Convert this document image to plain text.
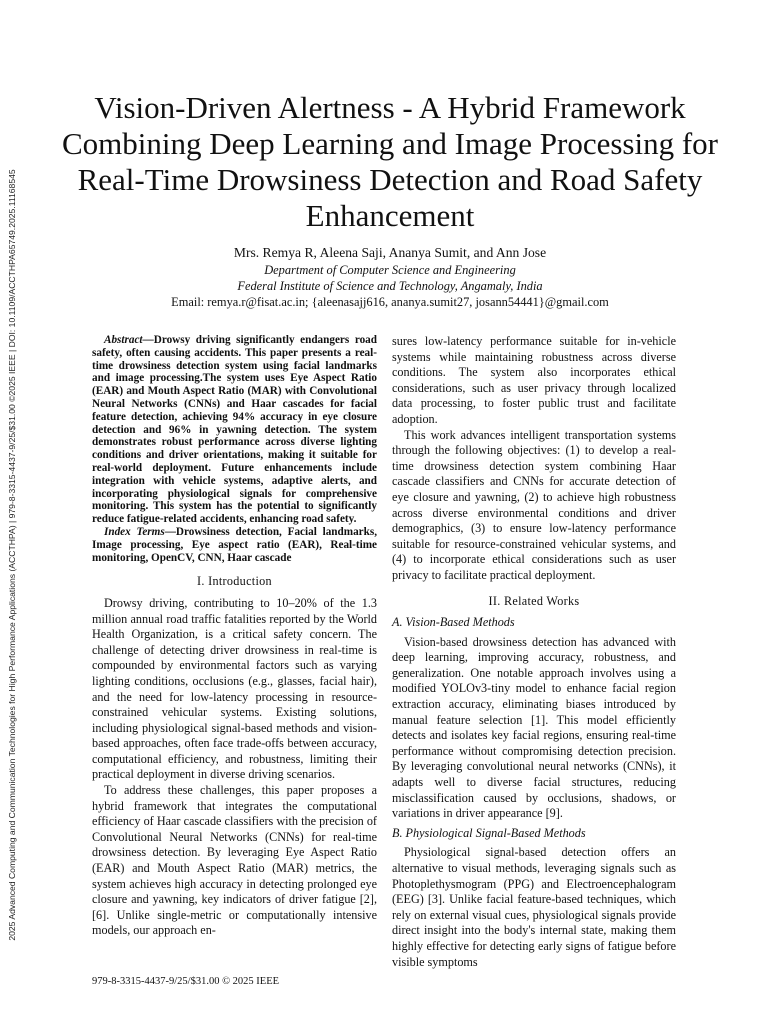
2025 Advanced Computing and Communication Technologies for High Performance Applications (ACCTHPA) | 979-8-3315-4437-9/25/$31.00 ©2025 IEEE | DOI: 10.1109/ACCTHPA65749.2025.11168545
Vision-Driven Alertness - A Hybrid Framework Combining Deep Learning and Image Processing for Real-Time Drowsiness Detection and Road Safety Enhancement
Mrs. Remya R, Aleena Saji, Ananya Sumit, and Ann Jose
Department of Computer Science and Engineering
Federal Institute of Science and Technology, Angamaly, India
Email: remya.r@fisat.ac.in; {aleenasajj616, ananya.sumit27, josann54441}@gmail.com

Abstract—Drowsy driving significantly endangers road safety, often causing accidents. This paper presents a real-time drowsiness detection system using facial landmarks and image processing.The system uses Eye Aspect Ratio (EAR) and Mouth Aspect Ratio (MAR) with Convolutional Neural Networks (CNNs) and Haar cascades for facial feature detection, achieving 94% accuracy in eye closure detection and 96% in yawning detection. The system demonstrates robust performance across diverse lighting conditions and driver orientations, making it suitable for real-world deployment. Future enhancements include integration with vehicle systems, adaptive alerts, and incorporating physiological signals for comprehensive monitoring. This system has the potential to significantly reduce fatigue-related accidents, enhancing road safety.

Index Terms—Drowsiness detection, Facial landmarks, Image processing, Eye aspect ratio (EAR), Real-time monitoring, OpenCV, CNN, Haar cascade

I. Introduction

Drowsy driving, contributing to 10–20% of the 1.3 million annual road traffic fatalities reported by the World Health Organization, is a critical safety concern. The challenge of detecting driver drowsiness in real-time is compounded by environmental factors such as varying lighting conditions, occlusions (e.g., glasses, facial hair), and the need for low-latency processing in resource-constrained vehicular systems. Existing solutions, including physiological signal-based methods and vision-based approaches, often face trade-offs between accuracy, computational efficiency, and robustness, limiting their practical deployment in diverse driving scenarios.

To address these challenges, this paper proposes a hybrid framework that integrates the computational efficiency of Haar cascade classifiers with the precision of Convolutional Neural Networks (CNNs) for real-time drowsiness detection. By leveraging Eye Aspect Ratio (EAR) and Mouth Aspect Ratio (MAR) metrics, the system achieves high accuracy in detecting prolonged eye closure and yawning, key indicators of driver fatigue [2], [6]. Unlike single-metric or computationally intensive models, our approach en-

sures low-latency performance suitable for in-vehicle systems while maintaining robustness across diverse conditions. The system also incorporates ethical considerations, such as user privacy through localized data processing, to foster public trust and facilitate adoption.

This work advances intelligent transportation systems through the following objectives: (1) to develop a real-time drowsiness detection system combining Haar cascade classifiers and CNNs for accurate detection of eye closure and yawning, (2) to achieve high robustness across diverse environmental conditions and driver demographics, (3) to ensure low-latency performance suitable for resource-constrained vehicular systems, and (4) to incorporate ethical considerations such as user privacy to facilitate practical deployment.

II. Related Works
A. Vision-Based Methods

Vision-based drowsiness detection has advanced with deep learning, improving accuracy, robustness, and generalization. One notable approach involves using a modified YOLOv3-tiny model to enhance facial region extraction accuracy, eliminating biases introduced by manual feature selection [1]. This model efficiently detects and isolates key facial regions, ensuring real-time performance without compromising detection precision. By leveraging convolutional neural networks (CNNs), it adapts well to diverse facial structures, reducing misclassification caused by occlusions, shadows, or variations in driver appearance [9].

B. Physiological Signal-Based Methods

Physiological signal-based detection offers an alternative to visual methods, leveraging signals such as Photoplethysmogram (PPG) and Electroencephalogram (EEG) [3]. Unlike facial feature-based techniques, which rely on external visual cues, physiological signals provide direct insight into the body's internal state, making them highly effective for detecting early signs of fatigue before visible symptoms

979-8-3315-4437-9/25/$31.00 © 2025 IEEE
